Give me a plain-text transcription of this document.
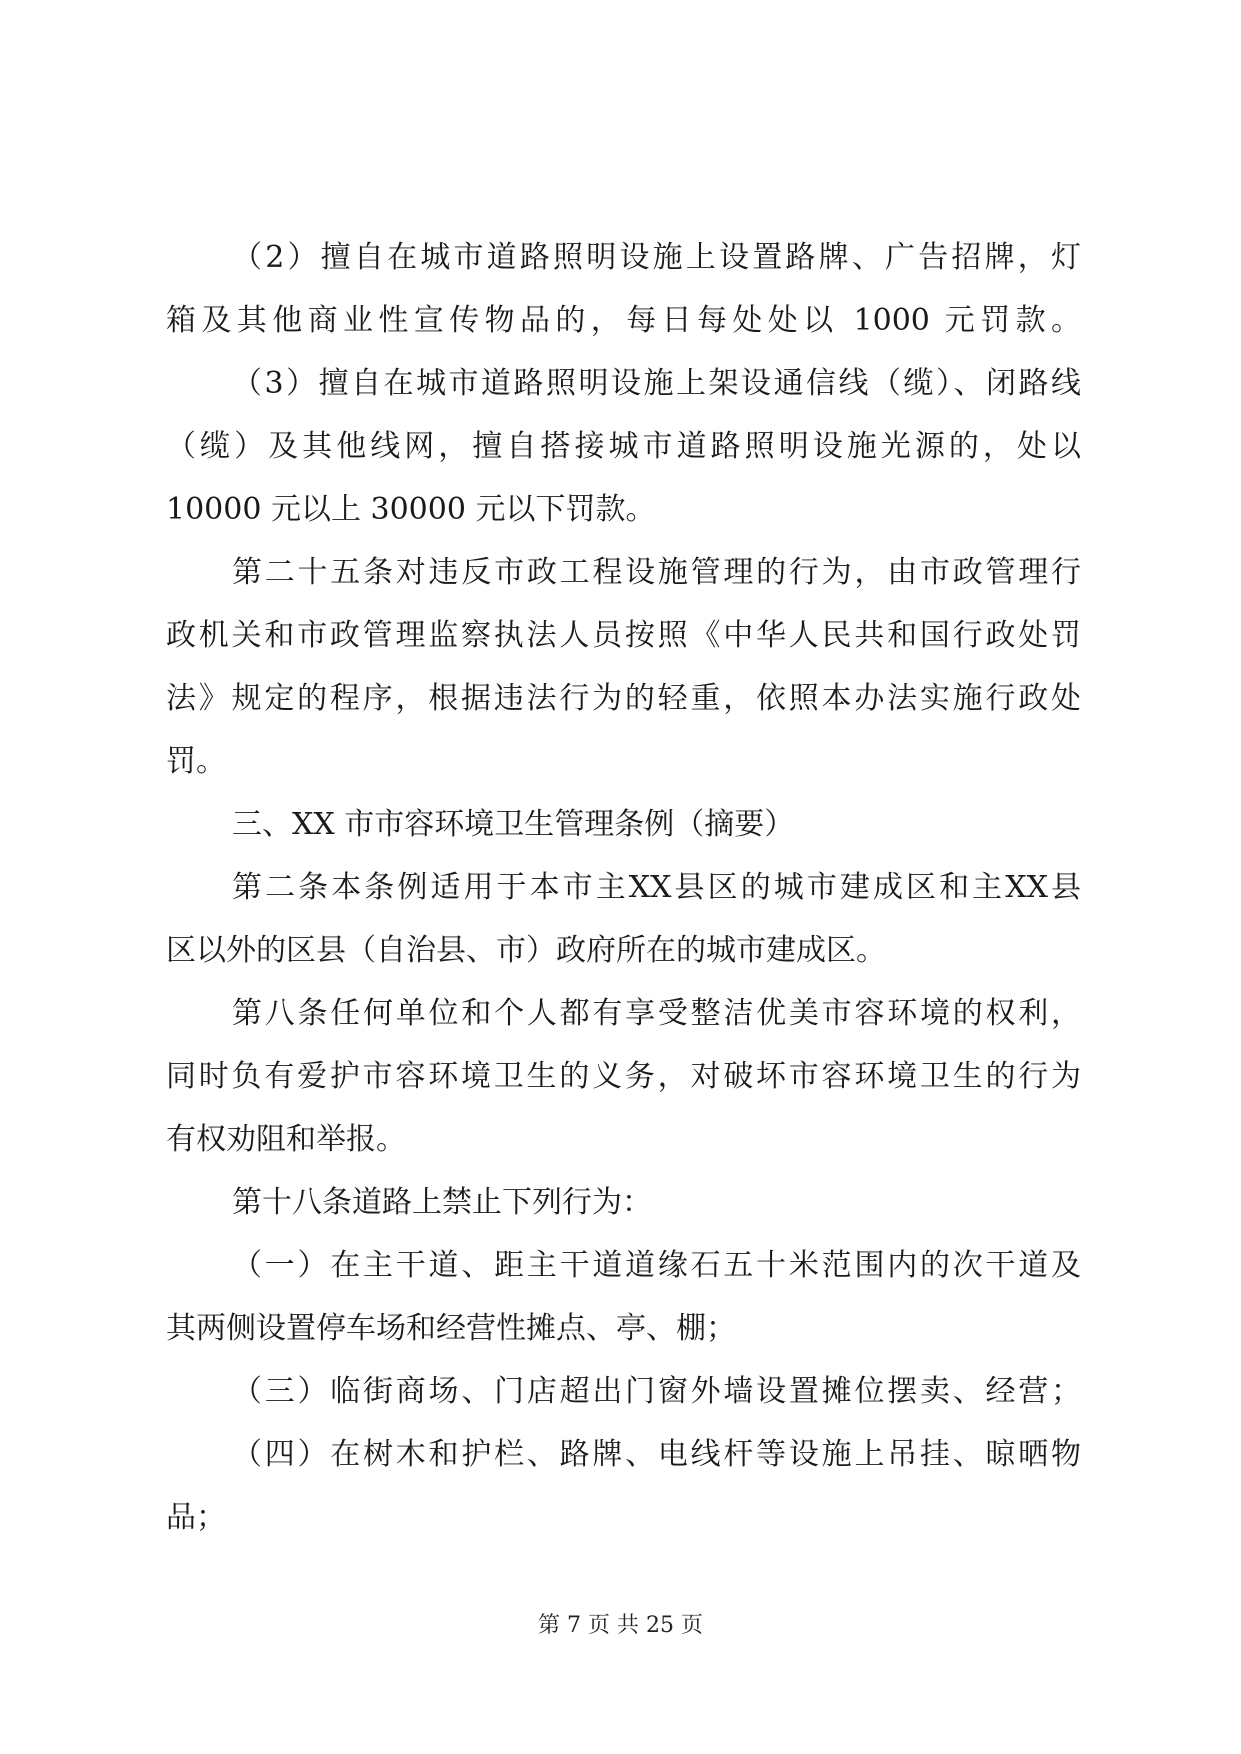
（2）擅自在城市道路照明设施上设置路牌、广告招牌，灯
箱及其他商业性宣传物品的，每日每处处以 1000 元罚款。
（3）擅自在城市道路照明设施上架设通信线（缆）、闭路线
（缆）及其他线网，擅自搭接城市道路照明设施光源的，处以
10000 元以上 30000 元以下罚款。
第二十五条对违反市政工程设施管理的行为，由市政管理行
政机关和市政管理监察执法人员按照《中华人民共和国行政处罚
法》规定的程序，根据违法行为的轻重，依照本办法实施行政处
罚。
三、XX 市市容环境卫生管理条例（摘要）
第二条本条例适用于本市主XX县区的城市建成区和主XX县
区以外的区县（自治县、市）政府所在的城市建成区。
第八条任何单位和个人都有享受整洁优美市容环境的权利，
同时负有爱护市容环境卫生的义务，对破坏市容环境卫生的行为
有权劝阻和举报。
第十八条道路上禁止下列行为：
（一）在主干道、距主干道道缘石五十米范围内的次干道及
其两侧设置停车场和经营性摊点、亭、棚；
（三）临街商场、门店超出门窗外墙设置摊位摆卖、经营；
（四）在树木和护栏、路牌、电线杆等设施上吊挂、晾晒物
品；
第 7 页 共 25 页
